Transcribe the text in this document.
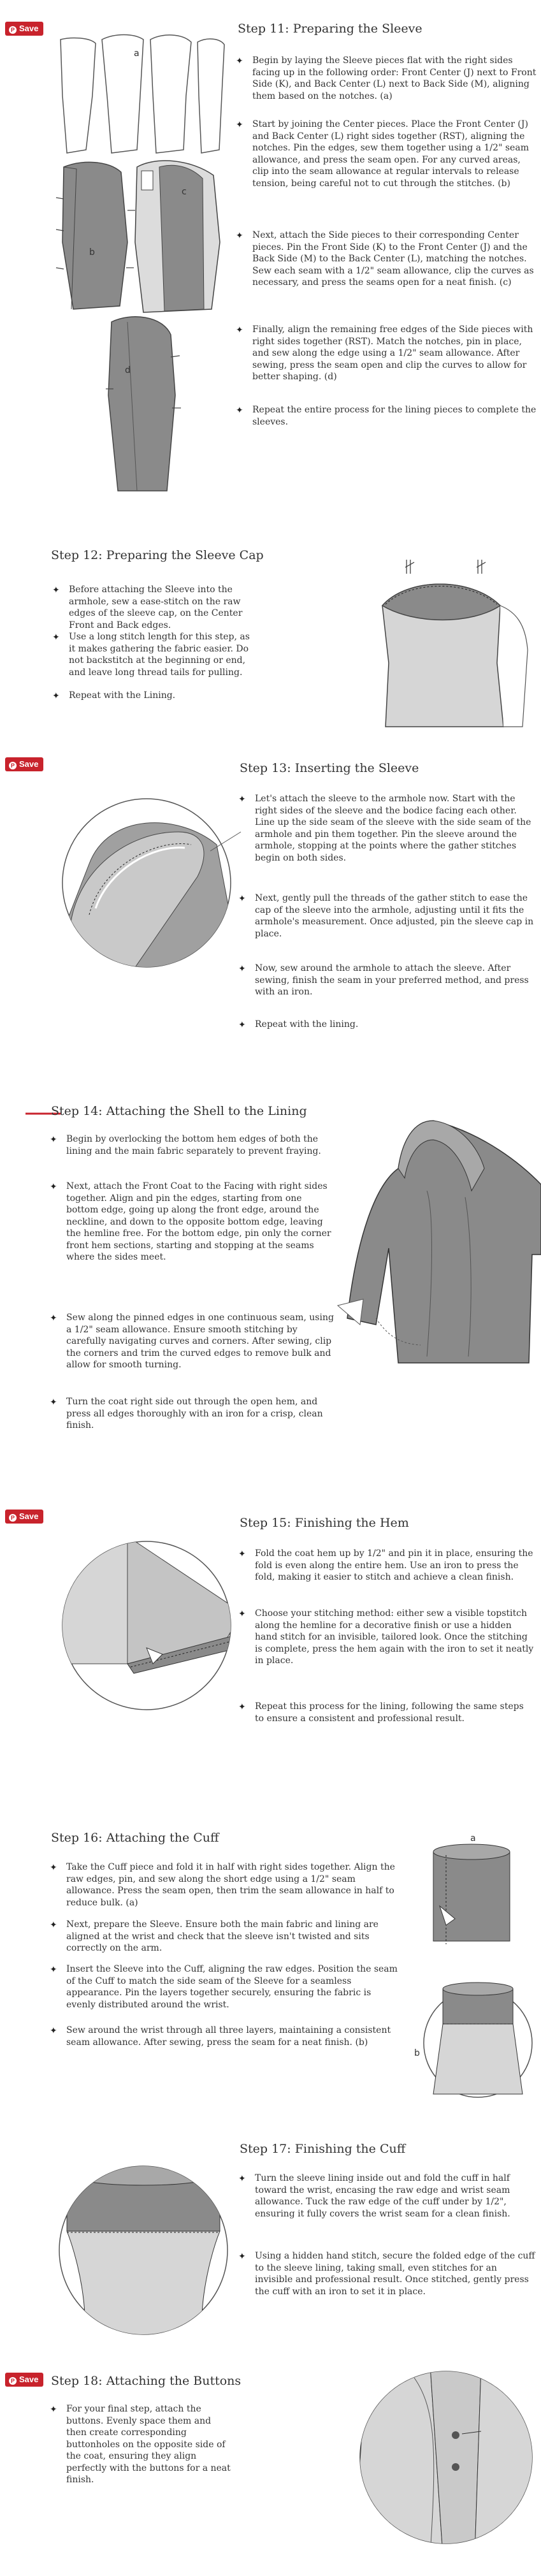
P Save	Step 11: Preparing the Sleeve
a
b
c
d
✦ Begin by laying the Sleeve pieces flat with the right sides facing up in the following order: Front Center (J) next to Front Side (K), and Back Center (L) next to Back Side (M), aligning them based on the notches. (a)
✦ Start by joining the Center pieces. Place the Front Center (J) and Back Center (L) right sides together (RST), aligning the notches. Pin the edges, sew them together using a 1/2" seam allowance, and press the seam open. For any curved areas, clip into the seam allowance at regular intervals to release tension, being careful not to cut through the stitches. (b)
✦ Next, attach the Side pieces to their corresponding Center pieces. Pin the Front Side (K) to the Front Center (J) and the Back Side (M) to the Back Center (L), matching the notches. Sew each seam with a 1/2" seam allowance, clip the curves as necessary, and press the seams open for a neat finish. (c)
✦ Finally, align the remaining free edges of the Side pieces with right sides together (RST). Match the notches, pin in place, and sew along the edge using a 1/2" seam allowance. After sewing, press the seam open and clip the curves to allow for better shaping. (d)
✦ Repeat the entire process for the lining pieces to complete the sleeves.
Step 12: Preparing the Sleeve Cap
✦ Before attaching the Sleeve into the armhole, sew a ease-stitch on the raw edges of the sleeve cap, on the Center Front and Back edges.
✦ Use a long stitch length for this step, as it makes gathering the fabric easier. Do not backstitch at the beginning or end, and leave long thread tails for pulling.
✦ Repeat with the Lining.
P Save	Step 13: Inserting the Sleeve
✦ Let's attach the sleeve to the armhole now. Start with the right sides of the sleeve and the bodice facing each other. Line up the side seam of the sleeve with the side seam of the armhole and pin them together. Pin the sleeve around the armhole, stopping at the points where the gather stitches begin on both sides.
✦ Next, gently pull the threads of the gather stitch to ease the cap of the sleeve into the armhole, adjusting until it fits the armhole's measurement. Once adjusted, pin the sleeve cap in place.
✦ Now, sew around the armhole to attach the sleeve. After sewing, finish the seam in your preferred method, and press with an iron.
✦ Repeat with the lining.
Step 14: Attaching the Shell to the Lining
✦ Begin by overlocking the bottom hem edges of both the lining and the main fabric separately to prevent fraying.
✦ Next, attach the Front Coat to the Facing with right sides together. Align and pin the edges, starting from one bottom edge, going up along the front edge, around the neckline, and down to the opposite bottom edge, leaving the hemline free. For the bottom edge, pin only the corner front hem sections, starting and stopping at the seams where the sides meet.
✦ Sew along the pinned edges in one continuous seam, using a 1/2" seam allowance. Ensure smooth stitching by carefully navigating curves and corners. After sewing, clip the corners and trim the curved edges to remove bulk and allow for smooth turning.
✦ Turn the coat right side out through the open hem, and press all edges thoroughly with an iron for a crisp, clean finish.
P Save	Step 15: Finishing the Hem
✦ Fold the coat hem up by 1/2" and pin it in place, ensuring the fold is even along the entire hem. Use an iron to press the fold, making it easier to stitch and achieve a clean finish.
✦ Choose your stitching method: either sew a visible topstitch along the hemline for a decorative finish or use a hidden hand stitch for an invisible, tailored look. Once the stitching is complete, press the hem again with the iron to set it neatly in place.
✦ Repeat this process for the lining, following the same steps to ensure a consistent and professional result.
Step 16: Attaching the Cuff
✦ Take the Cuff piece and fold it in half with right sides together. Align the raw edges, pin, and sew along the short edge using a 1/2" seam allowance. Press the seam open, then trim the seam allowance in half to reduce bulk. (a)
✦ Next, prepare the Sleeve. Ensure both the main fabric and lining are aligned at the wrist and check that the sleeve isn't twisted and sits correctly on the arm.
✦ Insert the Sleeve into the Cuff, aligning the raw edges. Position the seam of the Cuff to match the side seam of the Sleeve for a seamless appearance. Pin the layers together securely, ensuring the fabric is evenly distributed around the wrist.
✦ Sew around the wrist through all three layers, maintaining a consistent seam allowance. After sewing, press the seam for a neat finish. (b)
a
b
Step 17: Finishing the Cuff
✦ Turn the sleeve lining inside out and fold the cuff in half toward the wrist, encasing the raw edge and wrist seam allowance. Tuck the raw edge of the cuff under by 1/2", ensuring it fully covers the wrist seam for a clean finish.
✦ Using a hidden hand stitch, secure the folded edge of the cuff to the sleeve lining, taking small, even stitches for an invisible and professional result. Once stitched, gently press the cuff with an iron to set it in place.
P Save	Step 18: Attaching the Buttons
✦ For your final step, attach the buttons. Evenly space them and then create corresponding buttonholes on the opposite side of the coat, ensuring they align perfectly with the buttons for a neat finish.
